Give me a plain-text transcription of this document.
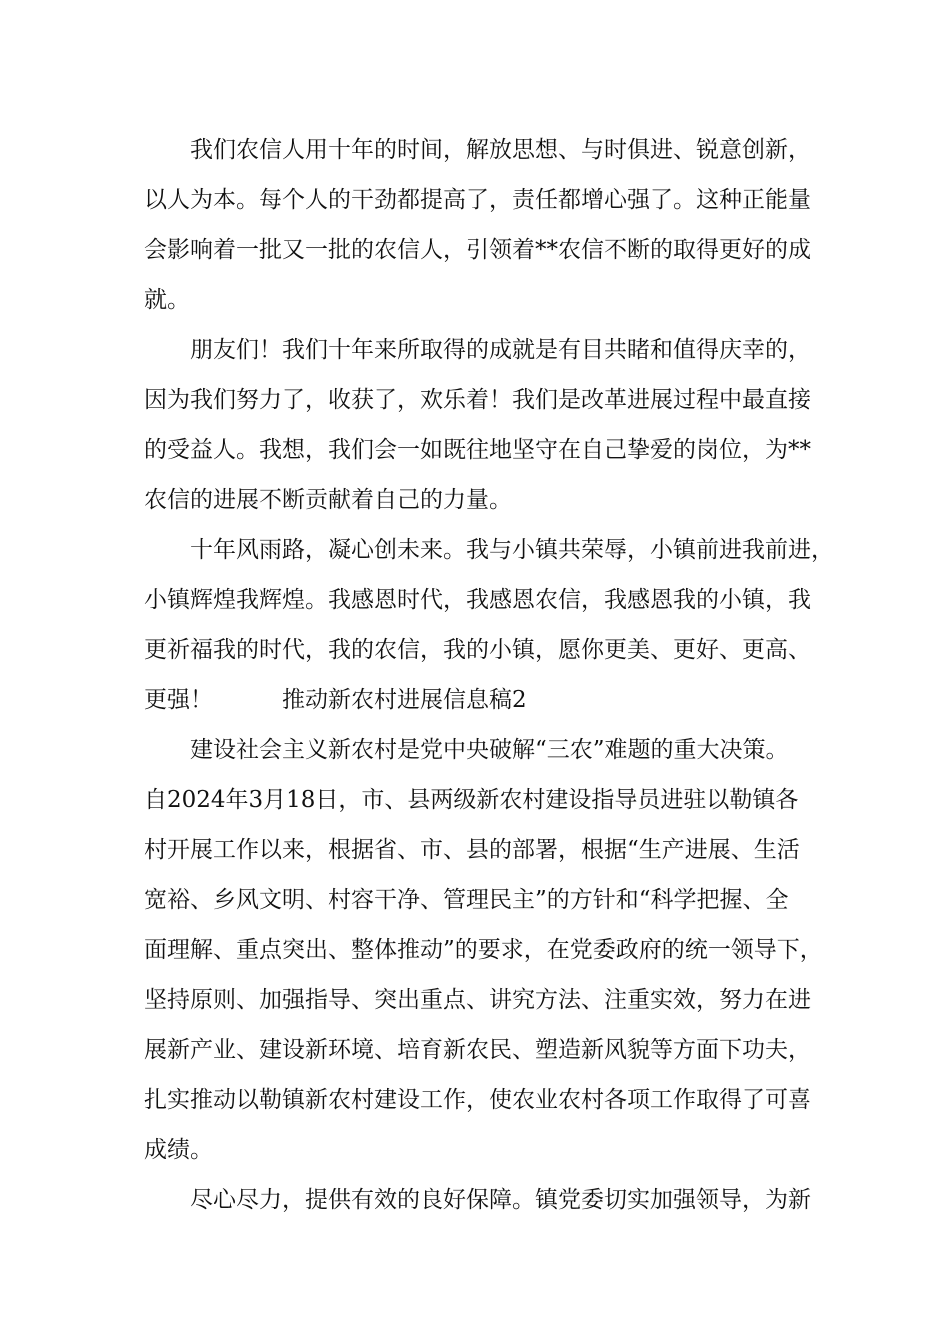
　　我们农信人用十年的时间，解放思想、与时俱进、锐意创新，

以人为本。每个人的干劲都提高了，责任都增心强了。这种正能量

会影响着一批又一批的农信人，引领着**农信不断的取得更好的成

就。

　　朋友们！我们十年来所取得的成就是有目共睹和值得庆幸的，

因为我们努力了，收获了，欢乐着！我们是改革进展过程中最直接

的受益人。我想，我们会一如既往地坚守在自己挚爱的岗位，为**

农信的进展不断贡献着自己的力量。

　　十年风雨路，凝心创未来。我与小镇共荣辱，小镇前进我前进，

小镇辉煌我辉煌。我感恩时代，我感恩农信，我感恩我的小镇，我

更祈福我的时代，我的农信，我的小镇，愿你更美、更好、更高、

更强！　　　推动新农村进展信息稿2

　　建设社会主义新农村是党中央破解“三农”难题的重大决策。

自2024年3月18日，市、县两级新农村建设指导员进驻以勒镇各

村开展工作以来，根据省、市、县的部署，根据“生产进展、生活

宽裕、乡风文明、村容干净、管理民主”的方针和“科学把握、全

面理解、重点突出、整体推动”的要求，在党委政府的统一领导下，

坚持原则、加强指导、突出重点、讲究方法、注重实效，努力在进

展新产业、建设新环境、培育新农民、塑造新风貌等方面下功夫，

扎实推动以勒镇新农村建设工作，使农业农村各项工作取得了可喜

成绩。

　　尽心尽力，提供有效的良好保障。镇党委切实加强领导，为新
